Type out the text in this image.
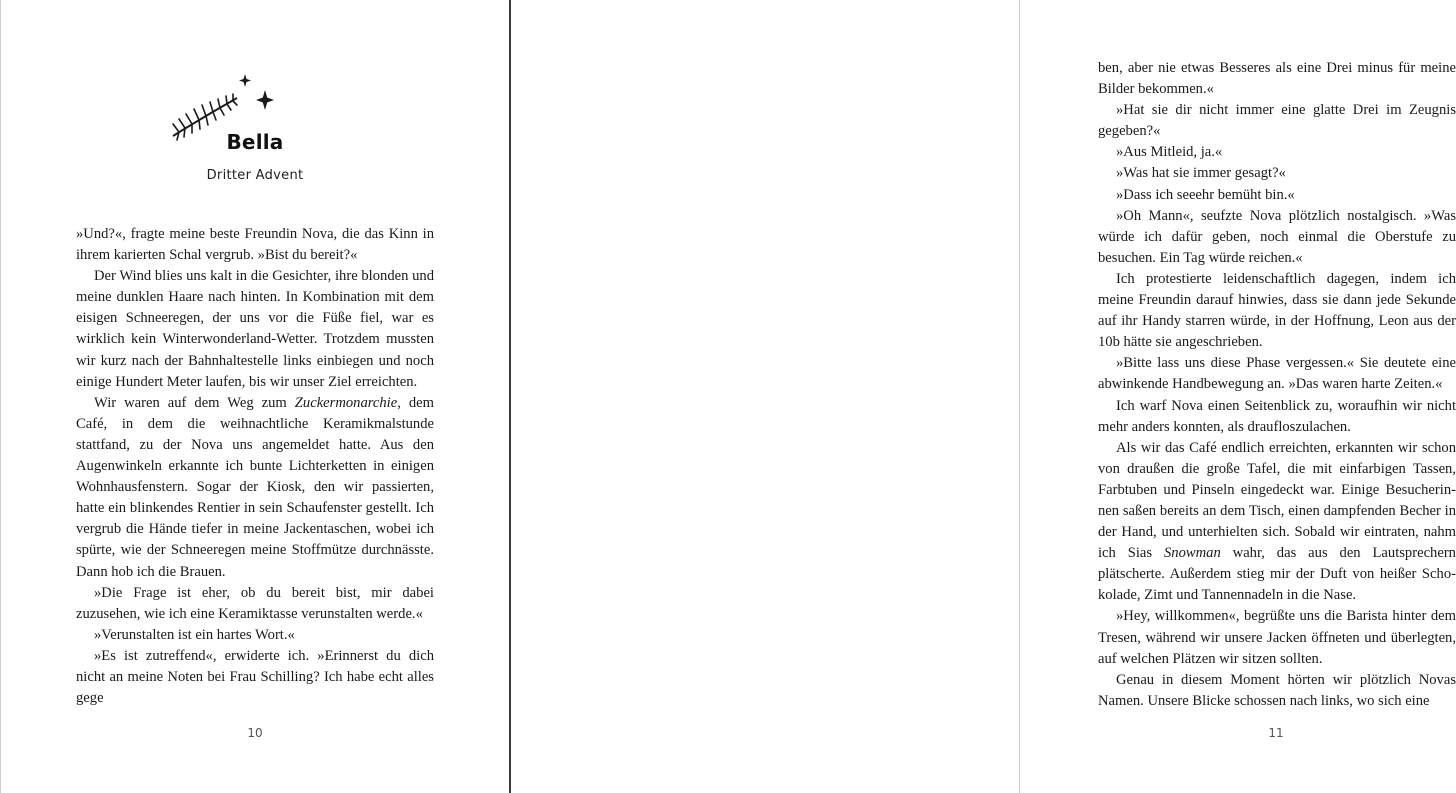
Bella
Dritter Advent

»Und?«, fragte meine beste Freundin Nova, die das Kinn in ihrem karierten Schal vergrub. »Bist du bereit?«

Der Wind blies uns kalt in die Gesichter, ihre blonden und meine dunklen Haare nach hinten. In Kombination mit dem eisigen Schneeregen, der uns vor die Füße fiel, war es wirklich kein Winterwonderland-Wetter. Trotzdem mussten wir kurz nach der Bahnhaltestelle links einbiegen und noch einige Hundert Meter laufen, bis wir unser Ziel erreichten.

Wir waren auf dem Weg zum Zuckermonarchie, dem Café, in dem die weihnachtliche Keramikmalstunde stattfand, zu der Nova uns angemeldet hatte. Aus den Augenwinkeln erkannte ich bunte Lichterketten in einigen Wohnhausfenstern. Sogar der Kiosk, den wir passierten, hatte ein blinkendes Rentier in sein Schaufenster gestellt. Ich vergrub die Hände tiefer in meine Jackentaschen, wobei ich spürte, wie der Schneeregen meine Stoffmütze durchnässte. Dann hob ich die Brauen.

»Die Frage ist eher, ob du bereit bist, mir dabei zuzusehen, wie ich eine Keramiktasse verunstalten werde.«

»Verunstalten ist ein hartes Wort.«

»Es ist zutreffend«, erwiderte ich. »Erinnerst du dich nicht an meine Noten bei Frau Schilling? Ich habe echt alles gege

10

ben, aber nie etwas Besseres als eine Drei minus für meine Bilder bekommen.«

»Hat sie dir nicht immer eine glatte Drei im Zeugnis gegeben?«

»Aus Mitleid, ja.«

»Was hat sie immer gesagt?«

»Dass ich seeehr bemüht bin.«

»Oh Mann«, seufzte Nova plötzlich nostalgisch. »Was würde ich dafür geben, noch einmal die Oberstufe zu besuchen. Ein Tag würde reichen.«

Ich protestierte leidenschaftlich dagegen, indem ich meine Freundin darauf hinwies, dass sie dann jede Sekunde auf ihr Handy starren würde, in der Hoffnung, Leon aus der 10b hätte sie angeschrieben.

»Bitte lass uns diese Phase vergessen.« Sie deutete eine abwinkende Handbewegung an. »Das waren harte Zeiten.«

Ich warf Nova einen Seitenblick zu, woraufhin wir nicht mehr anders konnten, als draufloszulachen.

Als wir das Café endlich erreichten, erkannten wir schon von draußen die große Tafel, die mit einfarbigen Tassen, Farbtuben und Pinseln eingedeckt war. Einige Besucherinnen saßen bereits an dem Tisch, einen dampfenden Becher in der Hand, und unterhielten sich. Sobald wir eintraten, nahm ich Sias Snowman wahr, das aus den Lautsprechern plätscherte. Außerdem stieg mir der Duft von heißer Schokolade, Zimt und Tannennadeln in die Nase.

»Hey, willkommen«, begrüßte uns die Barista hinter dem Tresen, während wir unsere Jacken öffneten und überlegten, auf welchen Plätzen wir sitzen sollten.

Genau in diesem Moment hörten wir plötzlich Novas Namen. Unsere Blicke schossen nach links, wo sich eine

11
